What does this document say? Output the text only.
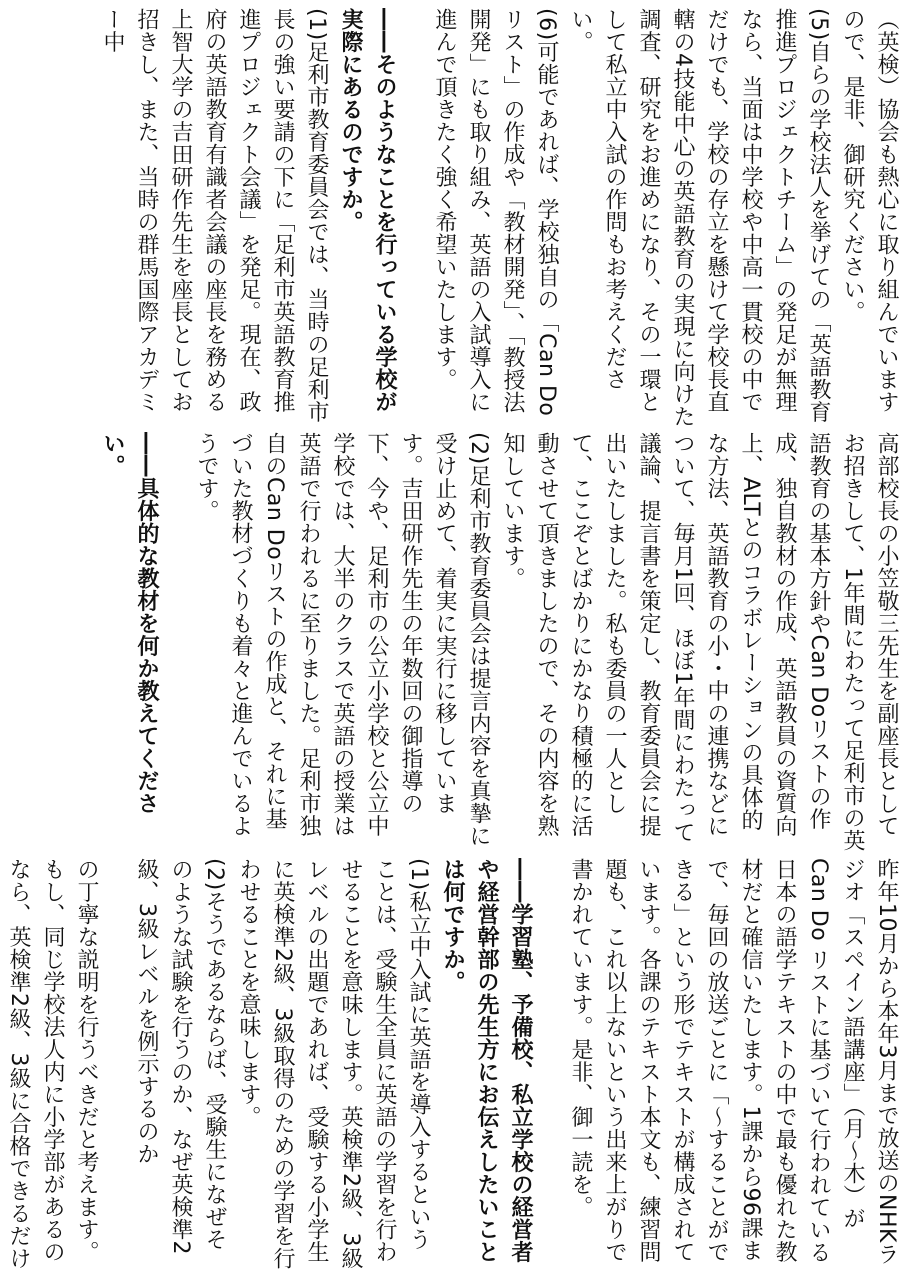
（英検）協会も熱心に取り組んでいますので、是非、御研究ください。

(5)自らの学校法人を挙げての「英語教育推進プロジェクトチーム」の発足が無理なら、当面は中学校や中高一貫校の中でだけでも、学校の存立を懸けて学校長直轄の4技能中心の英語教育の実現に向けた調査、研究をお進めになり、その一環として私立中入試の作問もお考えください。

(6)可能であれば、学校独自の「Can Doリスト」の作成や「教材開発」、「教授法開発」にも取り組み、英語の入試導入に進んで頂きたく強く希望いたします。

――そのようなことを行っている学校が実際にあるのですか。

(1)足利市教育委員会では、当時の足利市長の強い要請の下に「足利市英語教育推進プロジェクト会議」を発足。現在、政府の英語教育有識者会議の座長を務める上智大学の吉田研作先生を座長としてお招きし、また、当時の群馬国際アカデミー中

高部校長の小笠敬三先生を副座長としてお招きして、1年間にわたって足利市の英語教育の基本方針やCan Doリストの作成、独自教材の作成、英語教員の資質向上、ALTとのコラボレーションの具体的な方法、英語教育の小・中の連携などについて、毎月1回、ほぼ1年間にわたって議論、提言書を策定し、教育委員会に提出いたしました。私も委員の一人として、ここぞとばかりにかなり積極的に活動させて頂きましたので、その内容を熟知しています。

(2)足利市教育委員会は提言内容を真摯に受け止めて、着実に実行に移しています。吉田研作先生の年数回の御指導の下、今や、足利市の公立小学校と公立中学校では、大半のクラスで英語の授業は英語で行われるに至りました。足利市独自のCan Doリストの作成と、それに基づいた教材づくりも着々と進んでいるようです。

――具体的な教材を何か教えてください。

昨年10月から本年3月まで放送のNHKラジオ「スペイン語講座」（月～木）がCan Do リストに基づいて行われている日本の語学テキストの中で最も優れた教材だと確信いたします。1課から96課まで、毎回の放送ごとに「～することができる」という形でテキストが構成されています。各課のテキスト本文も、練習問題も、これ以上ないという出来上がりで書かれています。是非、御一読を。

――学習塾、予備校、私立学校の経営者や経営幹部の先生方にお伝えしたいことは何ですか。

(1)私立中入試に英語を導入するということは、受験生全員に英語の学習を行わせることを意味します。英検準2級、3級レベルの出題であれば、受験する小学生に英検準2級、3級取得のための学習を行わせることを意味します。

(2)そうであるならば、受験生になぜそのような試験を行うのか、なぜ英検準2級、3級レベルを例示するのか

の丁寧な説明を行うべきだと考えます。もし、同じ学校法人内に小学部があるのなら、英検準2級、3級に合格できるだけ
